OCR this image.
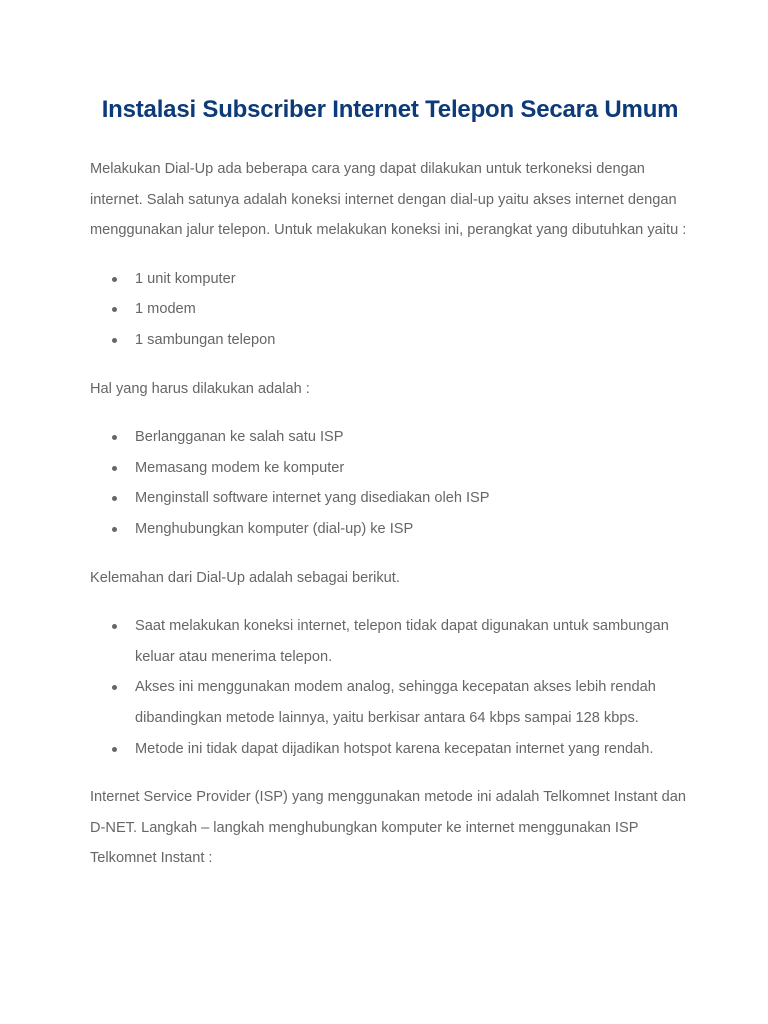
Instalasi Subscriber Internet Telepon Secara Umum

Melakukan Dial-Up ada beberapa cara yang dapat dilakukan untuk terkoneksi dengan internet. Salah satunya adalah koneksi internet dengan dial-up yaitu akses internet dengan menggunakan jalur telepon. Untuk melakukan koneksi ini, perangkat yang dibutuhkan yaitu :

1 unit komputer
1 modem
1 sambungan telepon

Hal yang harus dilakukan adalah :

Berlangganan ke salah satu ISP
Memasang modem ke komputer
Menginstall software internet yang disediakan oleh ISP
Menghubungkan komputer (dial-up) ke ISP

Kelemahan dari Dial-Up adalah sebagai berikut.

Saat melakukan koneksi internet, telepon tidak dapat digunakan untuk sambungan keluar atau menerima telepon.
Akses ini menggunakan modem analog, sehingga kecepatan akses lebih rendah dibandingkan metode lainnya, yaitu berkisar antara 64 kbps sampai 128 kbps.
Metode ini tidak dapat dijadikan hotspot karena kecepatan internet yang rendah.

Internet Service Provider (ISP) yang menggunakan metode ini adalah Telkomnet Instant dan D-NET. Langkah – langkah menghubungkan komputer ke internet menggunakan ISP Telkomnet Instant :
